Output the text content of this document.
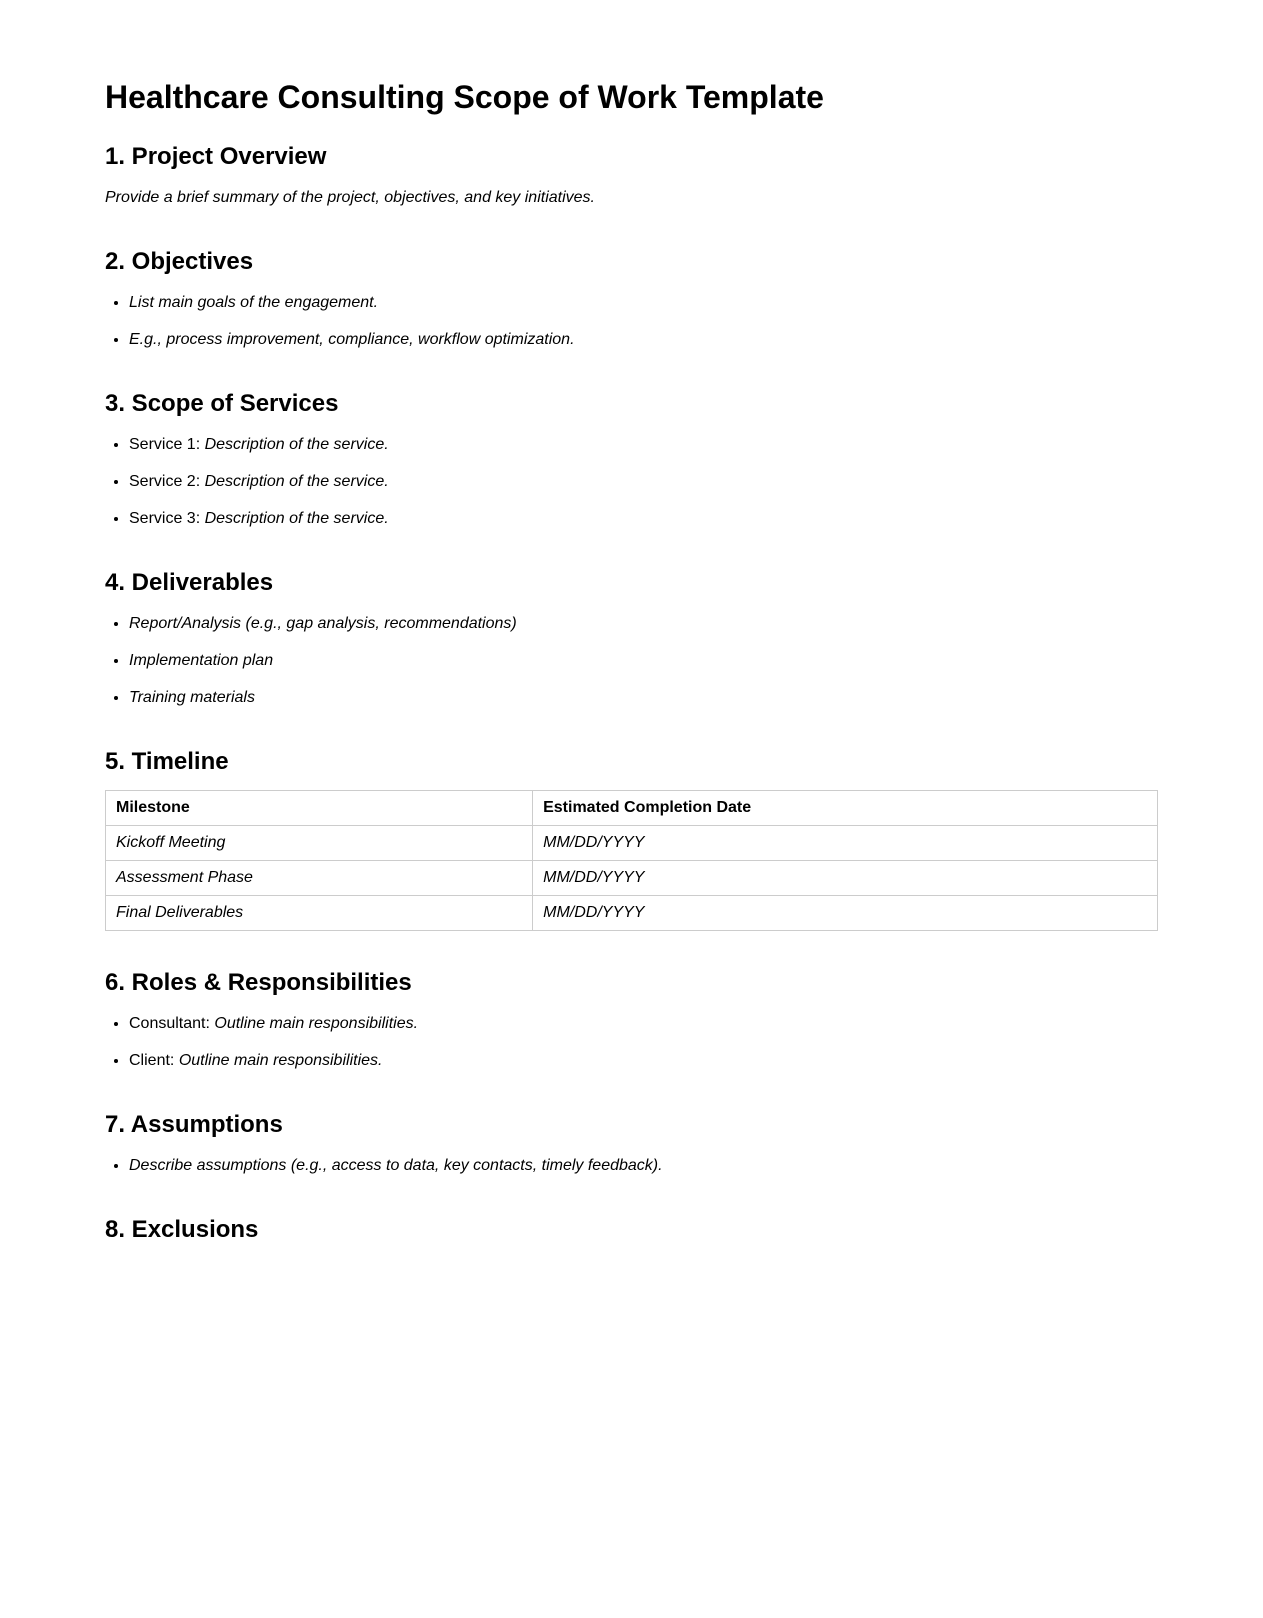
Healthcare Consulting Scope of Work Template
1. Project Overview

Provide a brief summary of the project, objectives, and key initiatives.

2. Objectives
• List main goals of the engagement.
• E.g., process improvement, compliance, workflow optimization.
3. Scope of Services
• Service 1: Description of the service.
• Service 2: Description of the service.
• Service 3: Description of the service.
4. Deliverables
• Report/Analysis (e.g., gap analysis, recommendations)
• Implementation plan
• Training materials
5. Timeline
Milestone	Estimated Completion Date
Kickoff Meeting	MM/DD/YYYY
Assessment Phase	MM/DD/YYYY
Final Deliverables	MM/DD/YYYY
6. Roles & Responsibilities
• Consultant: Outline main responsibilities.
• Client: Outline main responsibilities.
7. Assumptions
• Describe assumptions (e.g., access to data, key contacts, timely feedback).
8. Exclusions
